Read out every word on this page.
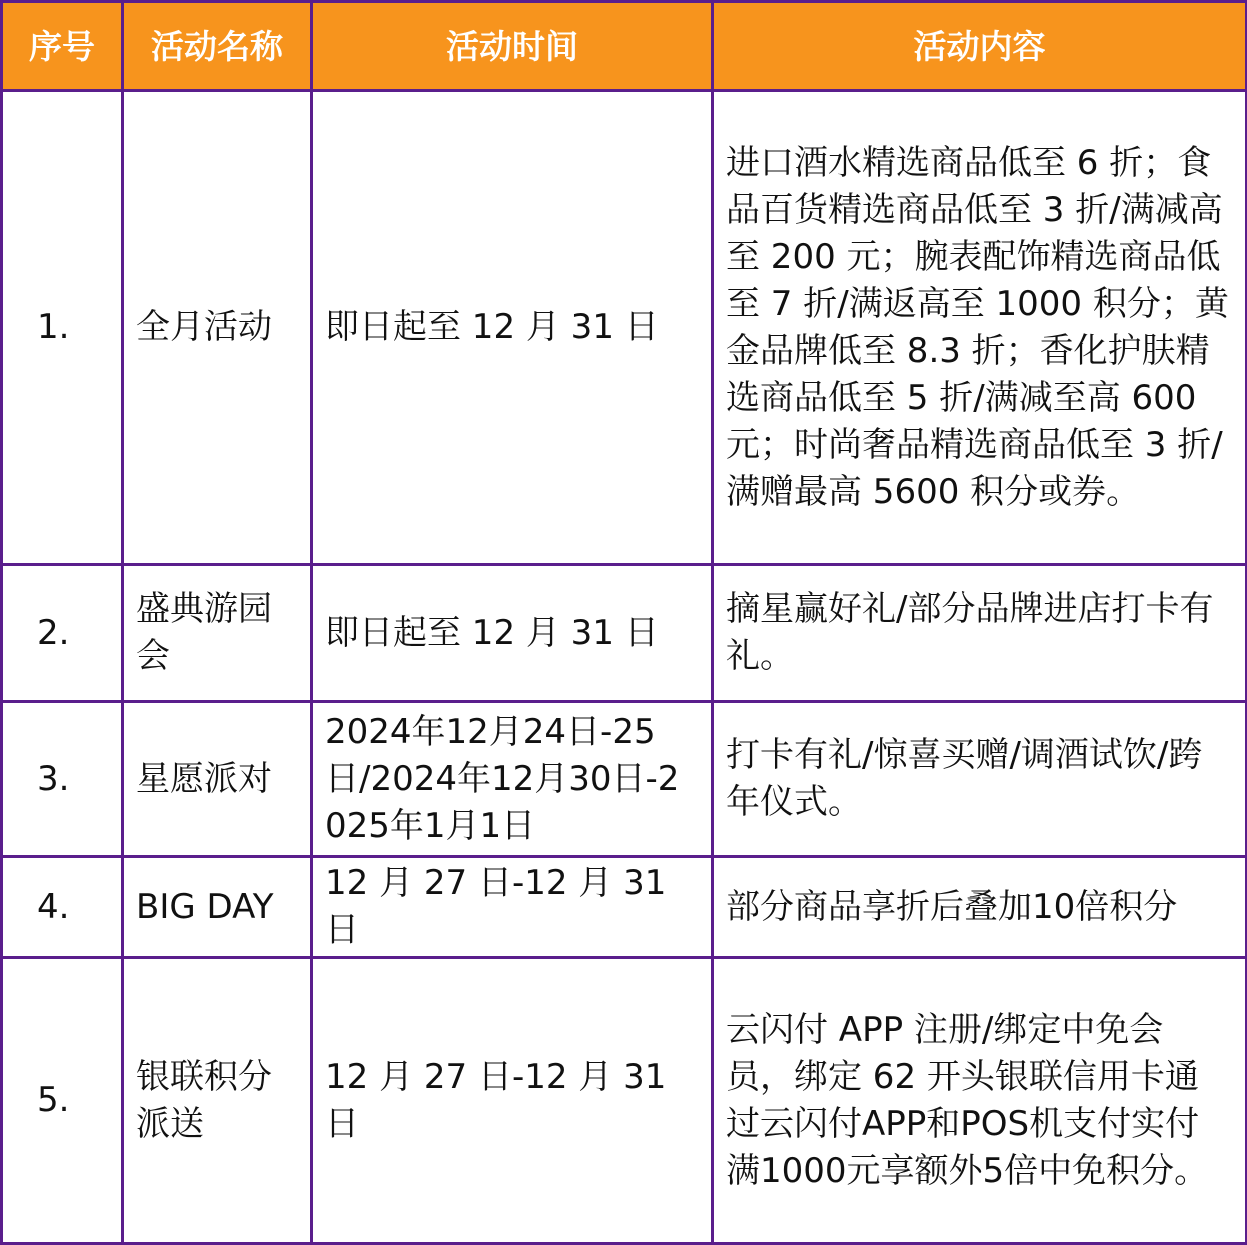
序号	活动名称	活动时间	活动内容
1.	全月活动	即日起至 12 月 31 日	进口酒水精选商品低至 6 折；食品百货精选商品低至 3 折/满减高至 200 元；腕表配饰精选商品低至 7 折/满返高至 1000 积分；黄金品牌低至 8.3 折；香化护肤精选商品低至 5 折/满减至高 600 元；时尚奢品精选商品低至 3 折/满赠最高 5600 积分或券。
2.	盛典游园会	即日起至 12 月 31 日	摘星赢好礼/部分品牌进店打卡有礼。
3.	星愿派对	2024年12月24日-25日/2024年12月30日-2025年1月1日	打卡有礼/惊喜买赠/调酒试饮/跨年仪式。
4.	BIG DAY	12 月 27 日-12 月 31 日	部分商品享折后叠加10倍积分
5.	银联积分派送	12 月 27 日-12 月 31 日	云闪付 APP 注册/绑定中免会员，绑定 62 开头银联信用卡通过云闪付APP和POS机支付实付满1000元享额外5倍中免积分。
